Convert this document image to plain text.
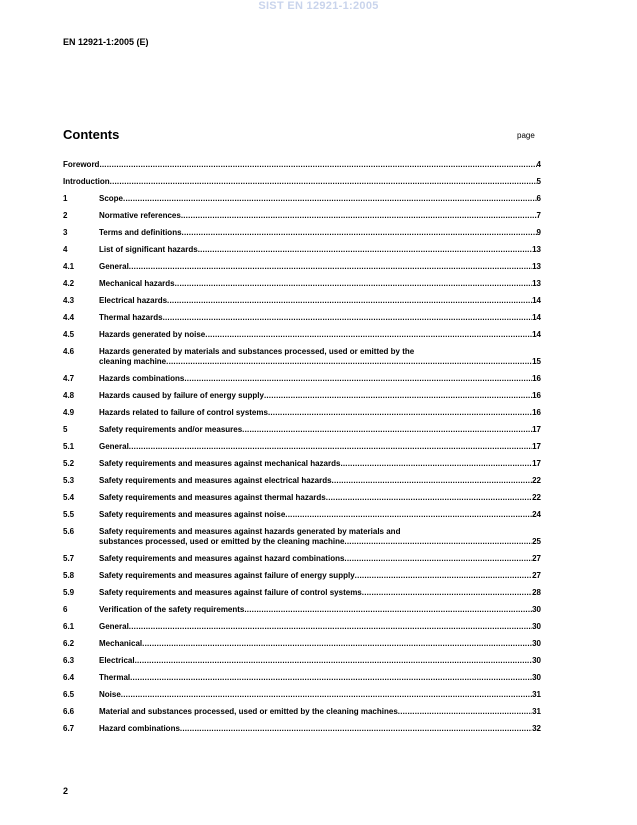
SIST EN 12921-1:2005
EN 12921-1:2005 (E)
Contents	page
Foreword .....	4
Introduction .....	5
1	Scope .....	6
2	Normative references .....	7
3	Terms and definitions .....	9
4	List of significant hazards .....	13
4.1	General .....	13
4.2	Mechanical hazards .....	13
4.3	Electrical hazards .....	14
4.4	Thermal hazards .....	14
4.5	Hazards generated by noise .....	14
4.6	Hazards generated by materials and substances processed, used or emitted by the
cleaning machine .....	15
4.7	Hazards combinations .....	16
4.8	Hazards caused by failure of energy supply .....	16
4.9	Hazards related to failure of control systems .....	16
5	Safety requirements and/or measures .....	17
5.1	General .....	17
5.2	Safety requirements and measures against mechanical hazards .....	17
5.3	Safety requirements and measures against electrical hazards .....	22
5.4	Safety requirements and measures against thermal hazards .....	22
5.5	Safety requirements and measures against noise .....	24
5.6	Safety requirements and measures against hazards generated by materials and
substances processed, used or emitted by the cleaning machine .....	25
5.7	Safety requirements and measures against hazard combinations .....	27
5.8	Safety requirements and measures against failure of energy supply .....	27
5.9	Safety requirements and measures against failure of control systems .....	28
6	Verification of the safety requirements .....	30
6.1	General .....	30
6.2	Mechanical .....	30
6.3	Electrical .....	30
6.4	Thermal .....	30
6.5	Noise .....	31
6.6	Material and substances processed, used or emitted by the cleaning machines .....	31
6.7	Hazard combinations .....	32
2
